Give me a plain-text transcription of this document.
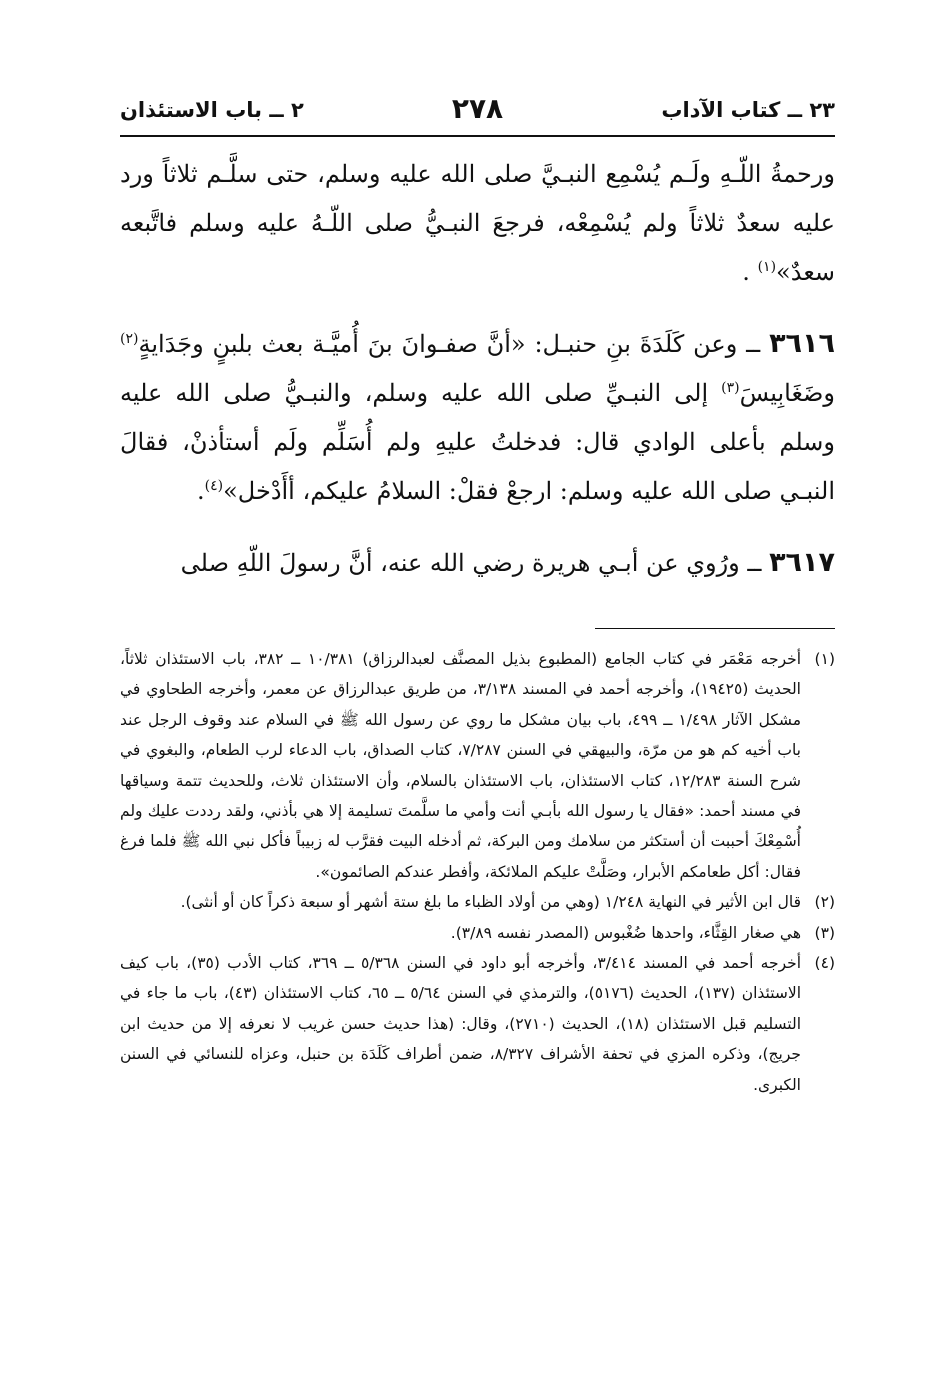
٢٣ ــ كتاب الآداب
٢٧٨
٢ ــ باب الاستئذان

ورحمةُ اللّـهِ ولَـم يُسْمِع النبـيَّ صلى الله عليه وسلم، حتى سلَّـم ثلاثاً ورد عليه سعدٌ ثلاثاً ولم يُسْمِعْه، فرجعَ النبـيُّ صلى اللّـهُ عليه وسلم فاتَّبعه سعدٌ»$^{(١)}$ .

٣٦١٦ ــ وعن كَلَدَةَ بنِ حنبـل: «أنَّ صفـوانَ بنَ أُميَّـة بعث بلبنٍ وجَدَايةٍ$^{(٢)}$ وضَغَابِيسَ$^{(٣)}$ إلى النبـيِّ صلى الله عليه وسلم، والنبـيُّ صلى الله عليه وسلم بأعلى الوادي قال: فدخلتُ عليهِ ولم أُسَلِّم ولَم أستأذنْ، فقالَ النبـي صلى الله عليه وسلم: ارجعْ فقلْ: السلامُ عليكم، أأَدْخل»$^{(٤)}$.

٣٦١٧ ــ ورُوي عن أبـي هريرة رضي الله عنه، أنَّ رسولَ اللّهِ صلى

(١)
أخرجه مَعْمَر في كتاب الجامع (المطبوع بذيل المصنَّف لعبدالرزاق) ١٠/٣٨١ ــ ٣٨٢، باب الاستئذان ثلاثاً، الحديث (١٩٤٢٥)، وأخرجه أحمد في المسند ٣/١٣٨، من طريق عبدالرزاق عن معمر، وأخرجه الطحاوي في مشكل الآثار ١/٤٩٨ ــ ٤٩٩، باب بيان مشكل ما روي عن رسول الله ﷺ في السلام عند وقوف الرجل عند باب أخيه كم هو من مرّة، والبيهقي في السنن ٧/٢٨٧، كتاب الصداق، باب الدعاء لرب الطعام، والبغوي في شرح السنة ١٢/٢٨٣، كتاب الاستئذان، باب الاستئذان بالسلام، وأن الاستئذان ثلاث، وللحديث تتمة وسياقها في مسند أحمد: «فقال يا رسول الله بأبـي أنت وأمي ما سلَّمتَ تسليمة إلا هي بأذني، ولقد رددت عليك ولم أُسْمِعْكَ أحببت أن أستكثر من سلامك ومن البركة، ثم أدخله البيت فقرَّب له زبيباً فأكل نبي الله ﷺ فلما فرغ فقال: أكل طعامكم الأبرار، وصَلَّتْ عليكم الملائكة، وأفطر عندكم الصائمون».
(٢)
قال ابن الأثير في النهاية ١/٢٤٨ (وهي من أولاد الظباء ما بلغ ستة أشهر أو سبعة ذكراً كان أو أنثى).
(٣)
هي صغار القِثَّاء، واحدها ضُغْبوس (المصدر نفسه ٣/٨٩).
(٤)
أخرجه أحمد في المسند ٣/٤١٤، وأخرجه أبو داود في السنن ٥/٣٦٨ ــ ٣٦٩، كتاب الأدب (٣٥)، باب كيف الاستئذان (١٣٧)، الحديث (٥١٧٦)، والترمذي في السنن ٥/٦٤ ــ ٦٥، كتاب الاستئذان (٤٣)، باب ما جاء في التسليم قبل الاستئذان (١٨)، الحديث (٢٧١٠)، وقال: (هذا حديث حسن غريب لا نعرفه إلا من حديث ابن جريج)، وذكره المزي في تحفة الأشراف ٨/٣٢٧، ضمن أطراف كَلَدَة بن حنبل، وعزاه للنسائي في السنن الكبرى.
